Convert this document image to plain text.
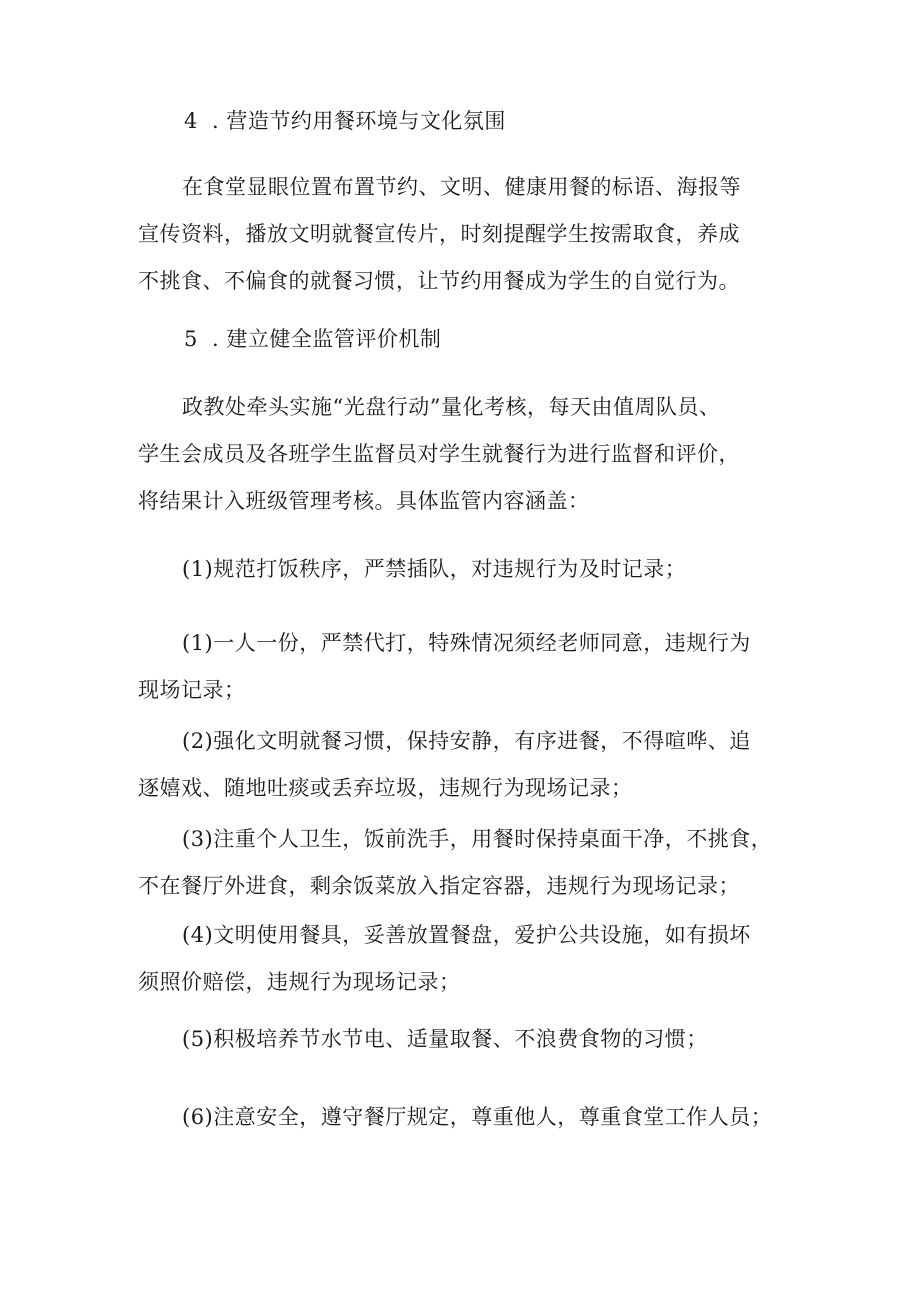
4 . 营造节约用餐环境与文化氛围

在食堂显眼位置布置节约、文明、健康用餐的标语、海报等
宣传资料，播放文明就餐宣传片，时刻提醒学生按需取食，养成
不挑食、不偏食的就餐习惯，让节约用餐成为学生的自觉行为。

5 . 建立健全监管评价机制

政教处牵头实施“光盘行动”量化考核，每天由值周队员、
学生会成员及各班学生监督员对学生就餐行为进行监督和评价，
将结果计入班级管理考核。具体监管内容涵盖：

(1)规范打饭秩序，严禁插队，对违规行为及时记录；

(1)一人一份，严禁代打，特殊情况须经老师同意，违规行为
现场记录；

(2)强化文明就餐习惯，保持安静，有序进餐，不得喧哗、追
逐嬉戏、随地吐痰或丢弃垃圾，违规行为现场记录；

(3)注重个人卫生，饭前洗手，用餐时保持桌面干净，不挑食，
不在餐厅外进食，剩余饭菜放入指定容器，违规行为现场记录；

(4)文明使用餐具，妥善放置餐盘，爱护公共设施，如有损坏
须照价赔偿，违规行为现场记录；

(5)积极培养节水节电、适量取餐、不浪费食物的习惯；

(6)注意安全，遵守餐厅规定，尊重他人，尊重食堂工作人员；
